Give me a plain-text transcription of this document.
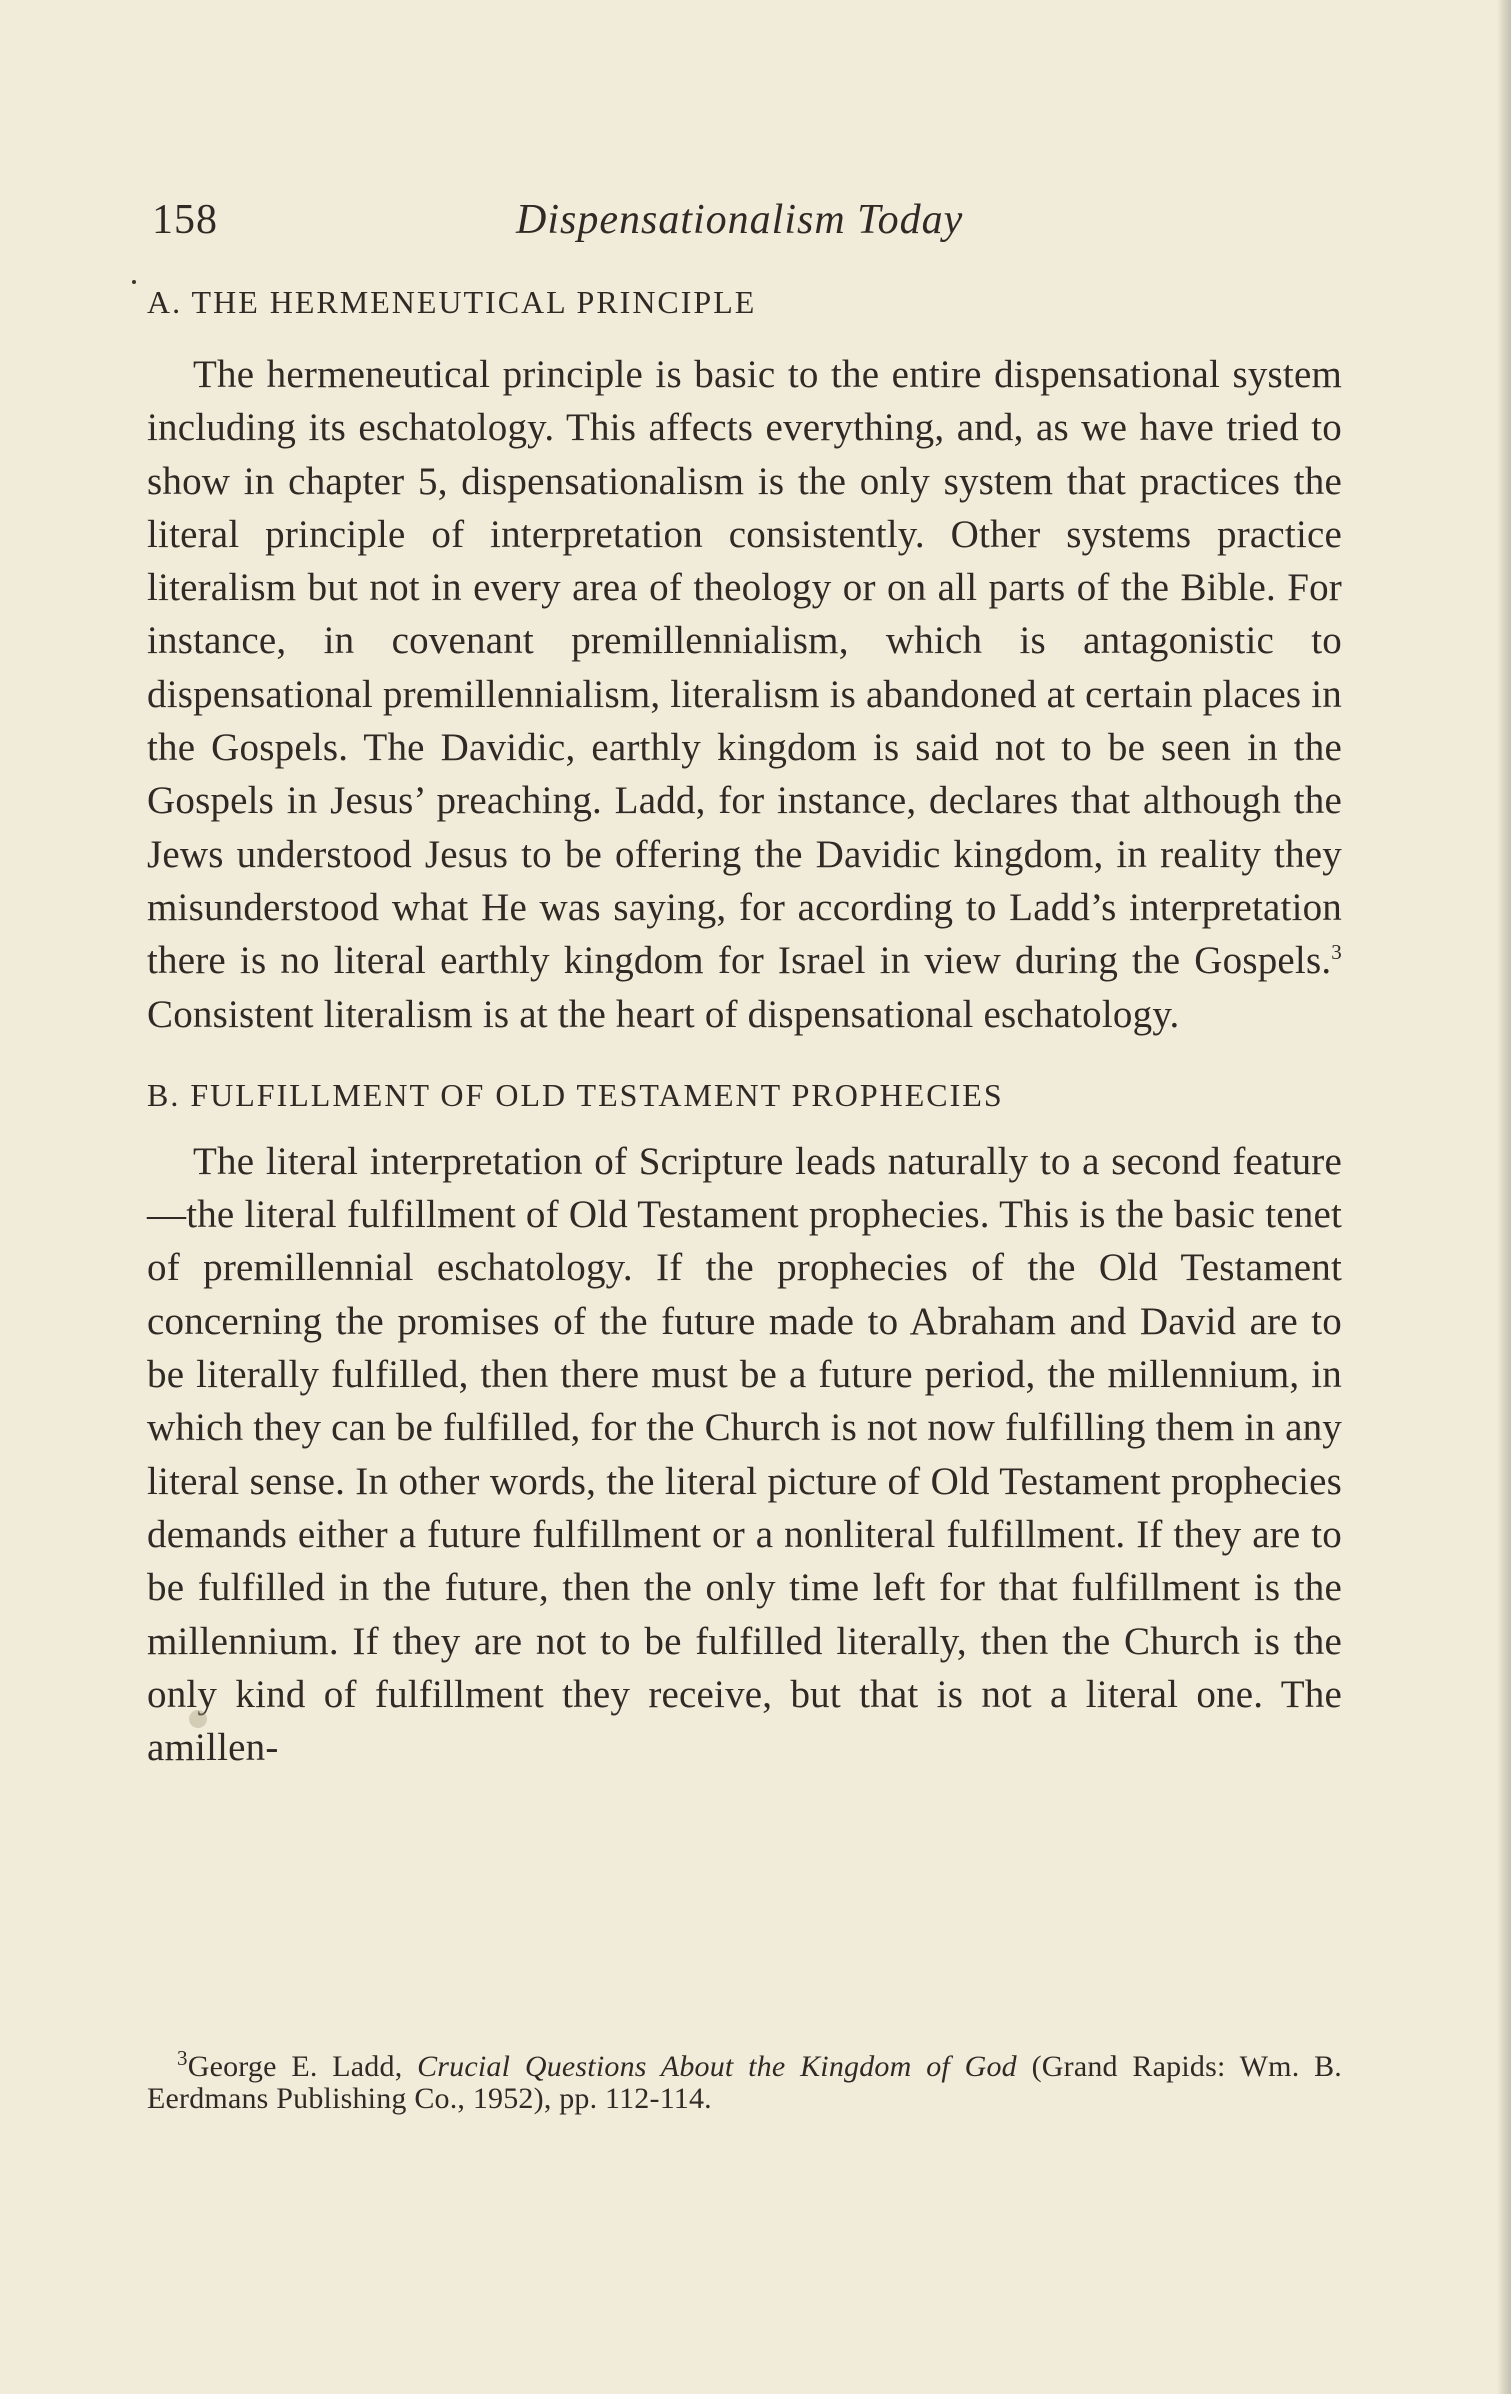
158	Dispensationalism Today
A. THE HERMENEUTICAL PRINCIPLE

The hermeneutical principle is basic to the entire dispensational system including its eschatology. This affects everything, and, as we have tried to show in chapter 5, dispensationalism is the only system that practices the literal principle of interpretation consistently. Other systems practice literalism but not in every area of theology or on all parts of the Bible. For instance, in covenant premillennialism, which is antagonistic to dispensational premillennialism, literalism is abandoned at certain places in the Gospels. The Davidic, earthly kingdom is said not to be seen in the Gospels in Jesus’ preaching. Ladd, for instance, declares that although the Jews understood Jesus to be offering the Davidic kingdom, in reality they misunderstood what He was saying, for according to Ladd’s interpretation there is no literal earthly kingdom for Israel in view during the Gospels.$^3$ Consistent literalism is at the heart of dispensational eschatology.

B. FULFILLMENT OF OLD TESTAMENT PROPHECIES

The literal interpretation of Scripture leads naturally to a second feature—the literal fulfillment of Old Testament prophecies. This is the basic tenet of premillennial eschatology. If the prophecies of the Old Testament concerning the promises of the future made to Abraham and David are to be literally fulfilled, then there must be a future period, the millennium, in which they can be fulfilled, for the Church is not now fulfilling them in any literal sense. In other words, the literal picture of Old Testament prophecies demands either a future fulfillment or a nonliteral fulfillment. If they are to be fulfilled in the future, then the only time left for that fulfillment is the millennium. If they are not to be fulfilled literally, then the Church is the only kind of fulfillment they receive, but that is not a literal one. The amillen-

$^3$George E. Ladd, Crucial Questions About the Kingdom of God (Grand Rapids: Wm. B. Eerdmans Publishing Co., 1952), pp. 112-114.
